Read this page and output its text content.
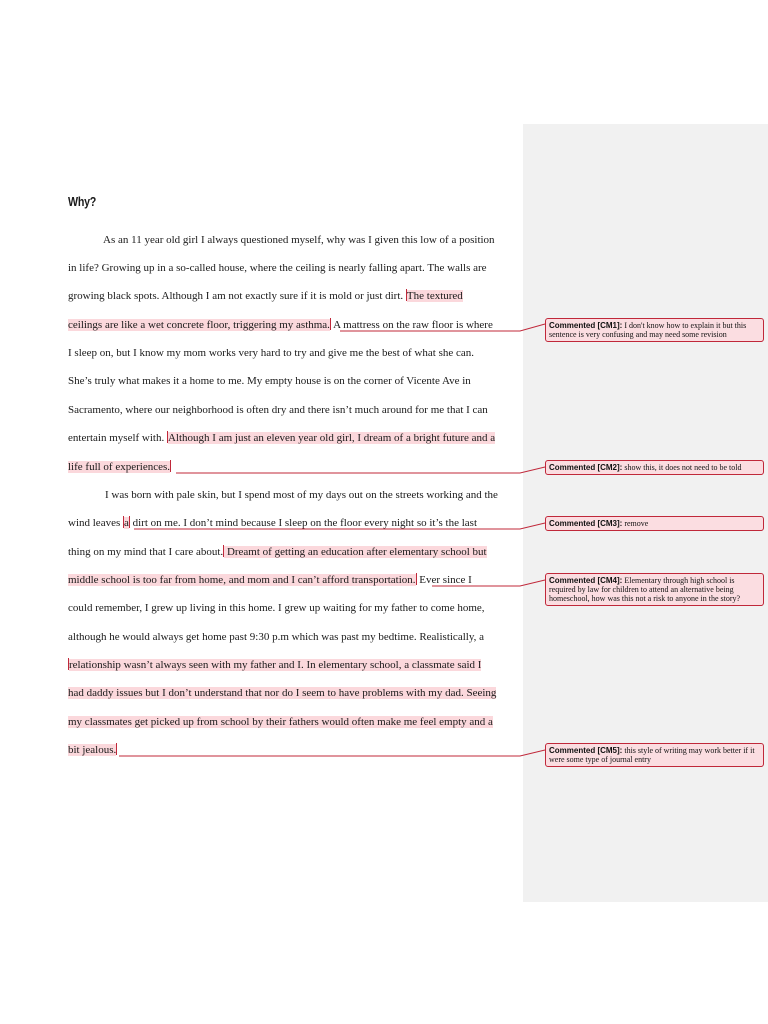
Why?
As an 11 year old girl I always questioned myself, why was I given this low of a position
in life? Growing up in a so-called house, where the ceiling is nearly falling apart. The walls are
growing black spots. Although I am not exactly sure if it is mold or just dirt. The textured
ceilings are like a wet concrete floor, triggering my asthma. A mattress on the raw floor is where
I sleep on, but I know my mom works very hard to try and give me the best of what she can.
She’s truly what makes it a home to me. My empty house is on the corner of Vicente Ave in
Sacramento, where our neighborhood is often dry and there isn’t much around for me that I can
entertain myself with. Although I am just an eleven year old girl, I dream of a bright future and a
life full of experiences.
I was born with pale skin, but I spend most of my days out on the streets working and the
wind leaves a dirt on me. I don’t mind because I sleep on the floor every night so it’s the last
thing on my mind that I care about. Dreamt of getting an education after elementary school but
middle school is too far from home, and mom and I can’t afford transportation. Ever since I
could remember, I grew up living in this home. I grew up waiting for my father to come home,
although he would always get home past 9:30 p.m which was past my bedtime. Realistically, a
relationship wasn’t always seen with my father and I. In elementary school, a classmate said I
had daddy issues but I don’t understand that nor do I seem to have problems with my dad. Seeing
my classmates get picked up from school by their fathers would often make me feel empty and a
bit jealous.
Commented [CM1]: I don't know how to explain it but this sentence is very confusing and may need some revision
Commented [CM2]: show this, it does not need to be told
Commented [CM3]: remove
Commented [CM4]: Elementary through high school is required by law for children to attend an alternative being homeschool, how was this not a risk to anyone in the story?
Commented [CM5]: this style of writing may work better if it were some type of journal entry
